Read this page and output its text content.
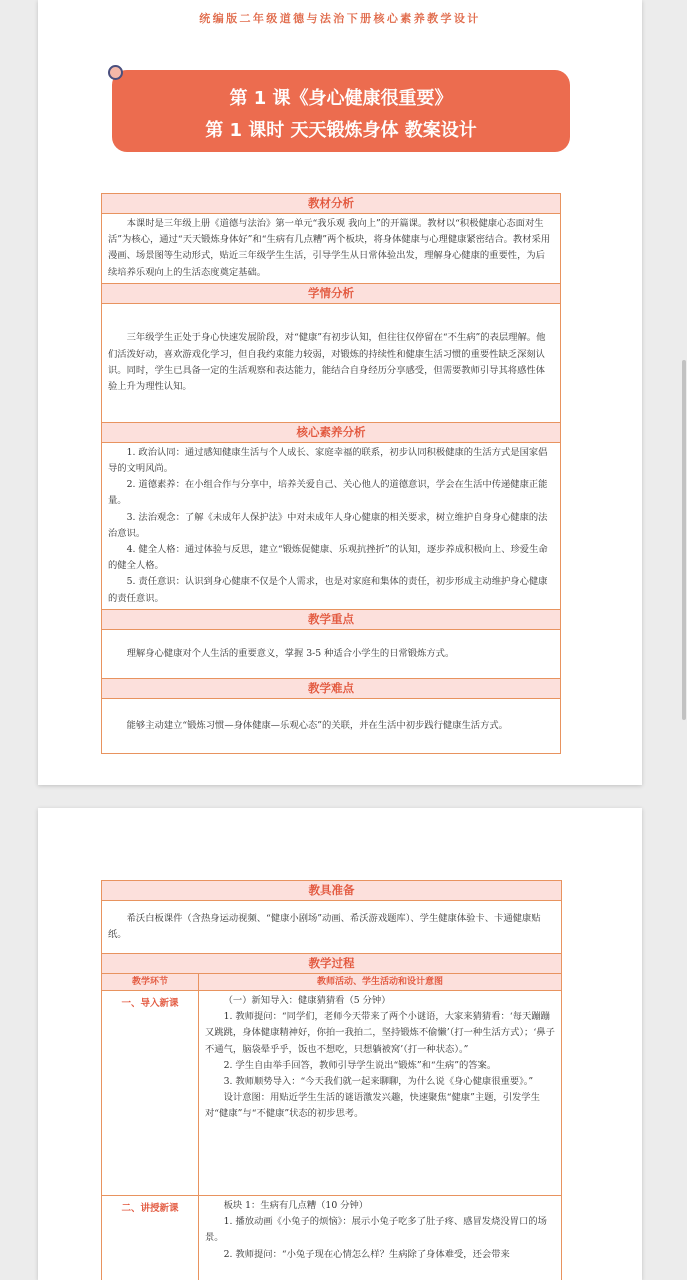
统编版二年级道德与法治下册核心素养教学设计
第 1 课《身心健康很重要》
第 1 课时 天天锻炼身体 教案设计
教材分析

本课时是三年级上册《道德与法治》第一单元“我乐观 我向上”的开篇课。教材以“积极健康心态面对生活”为核心，通过“天天锻炼身体好”和“生病有几点糟”两个板块，将身体健康与心理健康紧密结合。教材采用漫画、场景图等生动形式，贴近三年级学生生活，引导学生从日常体验出发，理解身心健康的重要性，为后续培养乐观向上的生活态度奠定基础。

学情分析

三年级学生正处于身心快速发展阶段，对“健康”有初步认知，但往往仅停留在“不生病”的表层理解。他们活泼好动，喜欢游戏化学习，但自我约束能力较弱，对锻炼的持续性和健康生活习惯的重要性缺乏深刻认识。同时，学生已具备一定的生活观察和表达能力，能结合自身经历分享感受，但需要教师引导其将感性体验上升为理性认知。

核心素养分析

1. 政治认同：通过感知健康生活与个人成长、家庭幸福的联系，初步认同积极健康的生活方式是国家倡导的文明风尚。

2. 道德素养：在小组合作与分享中，培养关爱自己、关心他人的道德意识，学会在生活中传递健康正能量。

3. 法治观念：了解《未成年人保护法》中对未成年人身心健康的相关要求，树立维护自身身心健康的法治意识。

4. 健全人格：通过体验与反思，建立“锻炼促健康、乐观抗挫折”的认知，逐步养成积极向上、珍爱生命的健全人格。

5. 责任意识：认识到身心健康不仅是个人需求，也是对家庭和集体的责任，初步形成主动维护身心健康的责任意识。

教学重点

理解身心健康对个人生活的重要意义，掌握 3-5 种适合小学生的日常锻炼方式。

教学难点

能够主动建立“锻炼习惯—身体健康—乐观心态”的关联，并在生活中初步践行健康生活方式。

教具准备	

希沃白板课件（含热身运动视频、“健康小剧场”动画、希沃游戏题库）、学生健康体验卡、卡通健康贴纸。	

教学过程	
教学环节	教师活动、学生活动和设计意图
一、导入新课	（一）新知导入：健康猜猜看（5 分钟）

1. 教师提问：“同学们，老师今天带来了两个小谜语，大家来猜猜看：‘每天蹦蹦又跳跳，身体健康精神好，你拍一我拍二，坚持锻炼不偷懒’（打一种生活方式）；‘鼻子不通气，脑袋晕乎乎，饭也不想吃，只想躺被窝’（打一种状态）。”

2. 学生自由举手回答，教师引导学生说出“锻炼”和“生病”的答案。

3. 教师顺势导入：“今天我们就一起来聊聊，为什么说《身心健康很重要》。”

设计意图：用贴近学生生活的谜语激发兴趣，快速聚焦“健康”主题，引发学生对“健康”与“不健康”状态的初步思考。

二、讲授新课	板块 1：生病有几点糟（10 分钟）

1. 播放动画《小兔子的烦恼》：展示小兔子吃多了肚子疼、感冒发烧没胃口的场景。

2. 教师提问：“小兔子现在心情怎么样？生病除了身体难受，还会带来
